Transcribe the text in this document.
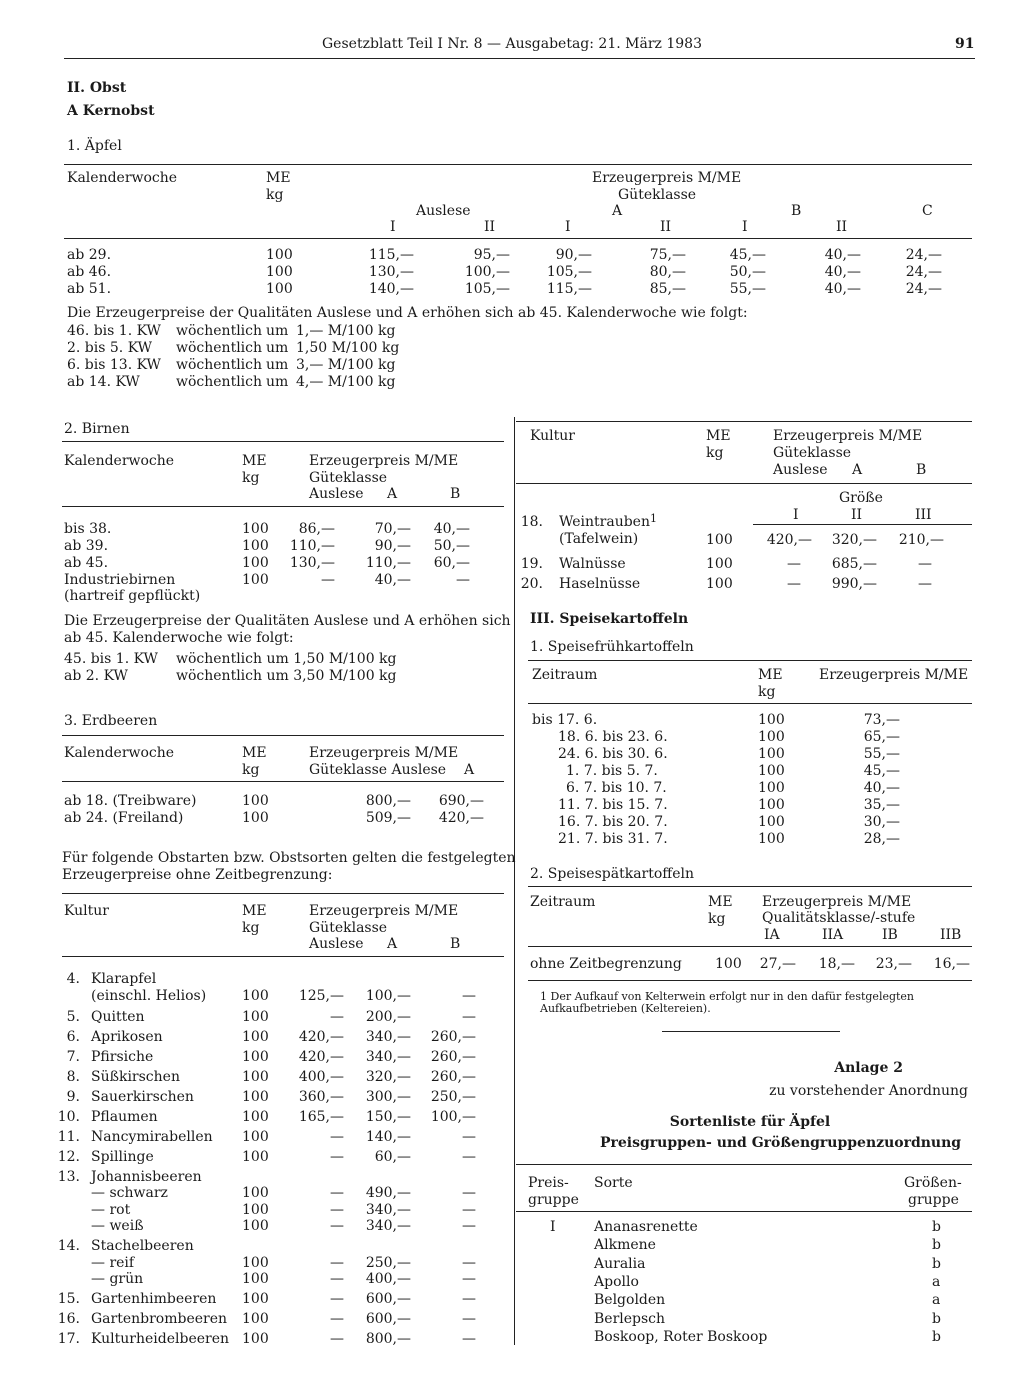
Gesetzblatt Teil I Nr. 8 — Ausgabetag: 21. März 1983	91
II. Obst
A Kernobst
1. Äpfel
Kalenderwoche	ME
kg
Erzeugerpreis M/ME
Güteklasse
Auslese	A	B	C
I	II	I	II	I	II
ab 29.	100	115,—	95,—	90,—	75,—	45,—	40,—	24,—
ab 46.	100	130,—	100,—	105,—	80,—	50,—	40,—	24,—
ab 51.	100	140,—	105,—	115,—	85,—	55,—	40,—	24,—
Die Erzeugerpreise der Qualitäten Auslese und A erhöhen sich ab 45. Kalenderwoche wie folgt:
46. bis 1. KW wöchentlich um 1,— M/100 kg
2. bis 5. KW wöchentlich um 1,50 M/100 kg
6. bis 13. KW wöchentlich um 3,— M/100 kg
ab 14. KW	wöchentlich um 4,— M/100 kg
2. Birnen
Kalenderwoche	ME
kg
Erzeugerpreis M/ME
Güteklasse
Auslese A	B
bis 38.	100 86,—	70,— 40,—
ab 39.	100 110,—	90,— 50,—
ab 45.	100 130,— 110,— 60,—
Industriebirnen	100	—	40,—	—
(hartreif gepflückt)
Die Erzeugerpreise der Qualitäten Auslese und A erhöhen sich
ab 45. Kalenderwoche wie folgt:
45. bis 1. KW wöchentlich um 1,50 M/100 kg
ab 2. KW	wöchentlich um 3,50 M/100 kg
3. Erdbeeren
Kalenderwoche	ME
kg
Erzeugerpreis M/ME
Güteklasse Auslese A
ab 18. (Treibware)	100	800,— 690,—
ab 24. (Freiland)	100	509,— 420,—
Für folgende Obstarten bzw. Obstsorten gelten die festgelegten
Erzeugerpreise ohne Zeitbegrenzung:
Kultur	ME
kg
Erzeugerpreis M/ME
Güteklasse
Auslese A	B
4. Klarapfel
(einschl. Helios)	100 125,— 100,—	—
5. Quitten	100	— 200,—	—
6. Aprikosen	100 420,— 340,— 260,—
7. Pfirsiche	100 420,— 340,— 260,—
8. Süßkirschen	100 400,— 320,— 260,—
9. Sauerkirschen	100 360,— 300,— 250,—
10. Pflaumen	100 165,— 150,— 100,—
11. Nancymirabellen 100	— 140,—	—
12. Spillinge	100	— 60,—	—
13. Johannisbeeren
— schwarz	100	— 490,—	—
— rot	100	— 340,—	—
— weiß	100	— 340,—	—
14. Stachelbeeren
— reif	100	— 250,—	—
— grün	100	— 400,—	—
15. Gartenhimbeeren 100	— 600,—	—
16. Gartenbrombeeren 100	— 600,—	—
17. Kulturheidelbeeren 100	— 800,—	—
Kultur	ME
kg
Erzeugerpreis M/ME
Güteklasse
Auslese A	B
Größe
I	II	III
18. Weintrauben 1
(Tafelwein)	100 420,— 320,— 210,—
19. Walnüsse	100	— 685,—	—
20. Haselnüsse	100	— 990,—	—
III. Speisekartoffeln
1. Speisefrühkartoffeln
Zeitraum	ME
kg
Erzeugerpreis M/ME
bis 17. 6.	100	73,—
18. 6. bis 23. 6.	100	65,—
24. 6. bis 30. 6.	100	55,—
1. 7. bis 5. 7.	100	45,—
6. 7. bis 10. 7.	100	40,—
11. 7. bis 15. 7.	100	35,—
16. 7. bis 20. 7.	100	30,—
21. 7. bis 31. 7.	100	28,—
2. Speisespätkartoffeln
Zeitraum	ME
kg
Erzeugerpreis M/ME
Qualitätsklasse/-stufe
IA	IIA	IB	IIB
ohne Zeitbegrenzung 100 27,— 18,— 23,— 16,—
1 Der Aufkauf von Kelterwein erfolgt nur in den dafür festgelegten
Aufkaufbetrieben (Keltereien).
Anlage 2
zu vorstehender Anordnung
Sortenliste für Äpfel
Preisgruppen- und Größengruppenzuordnung
Preis-
gruppe
Sorte	Größen-
gruppe
I	Ananasrenette	b
Alkmene	b
Auralia	b
Apollo	a
Belgolden	a
Berlepsch	b
Boskoop, Roter Boskoop	b
